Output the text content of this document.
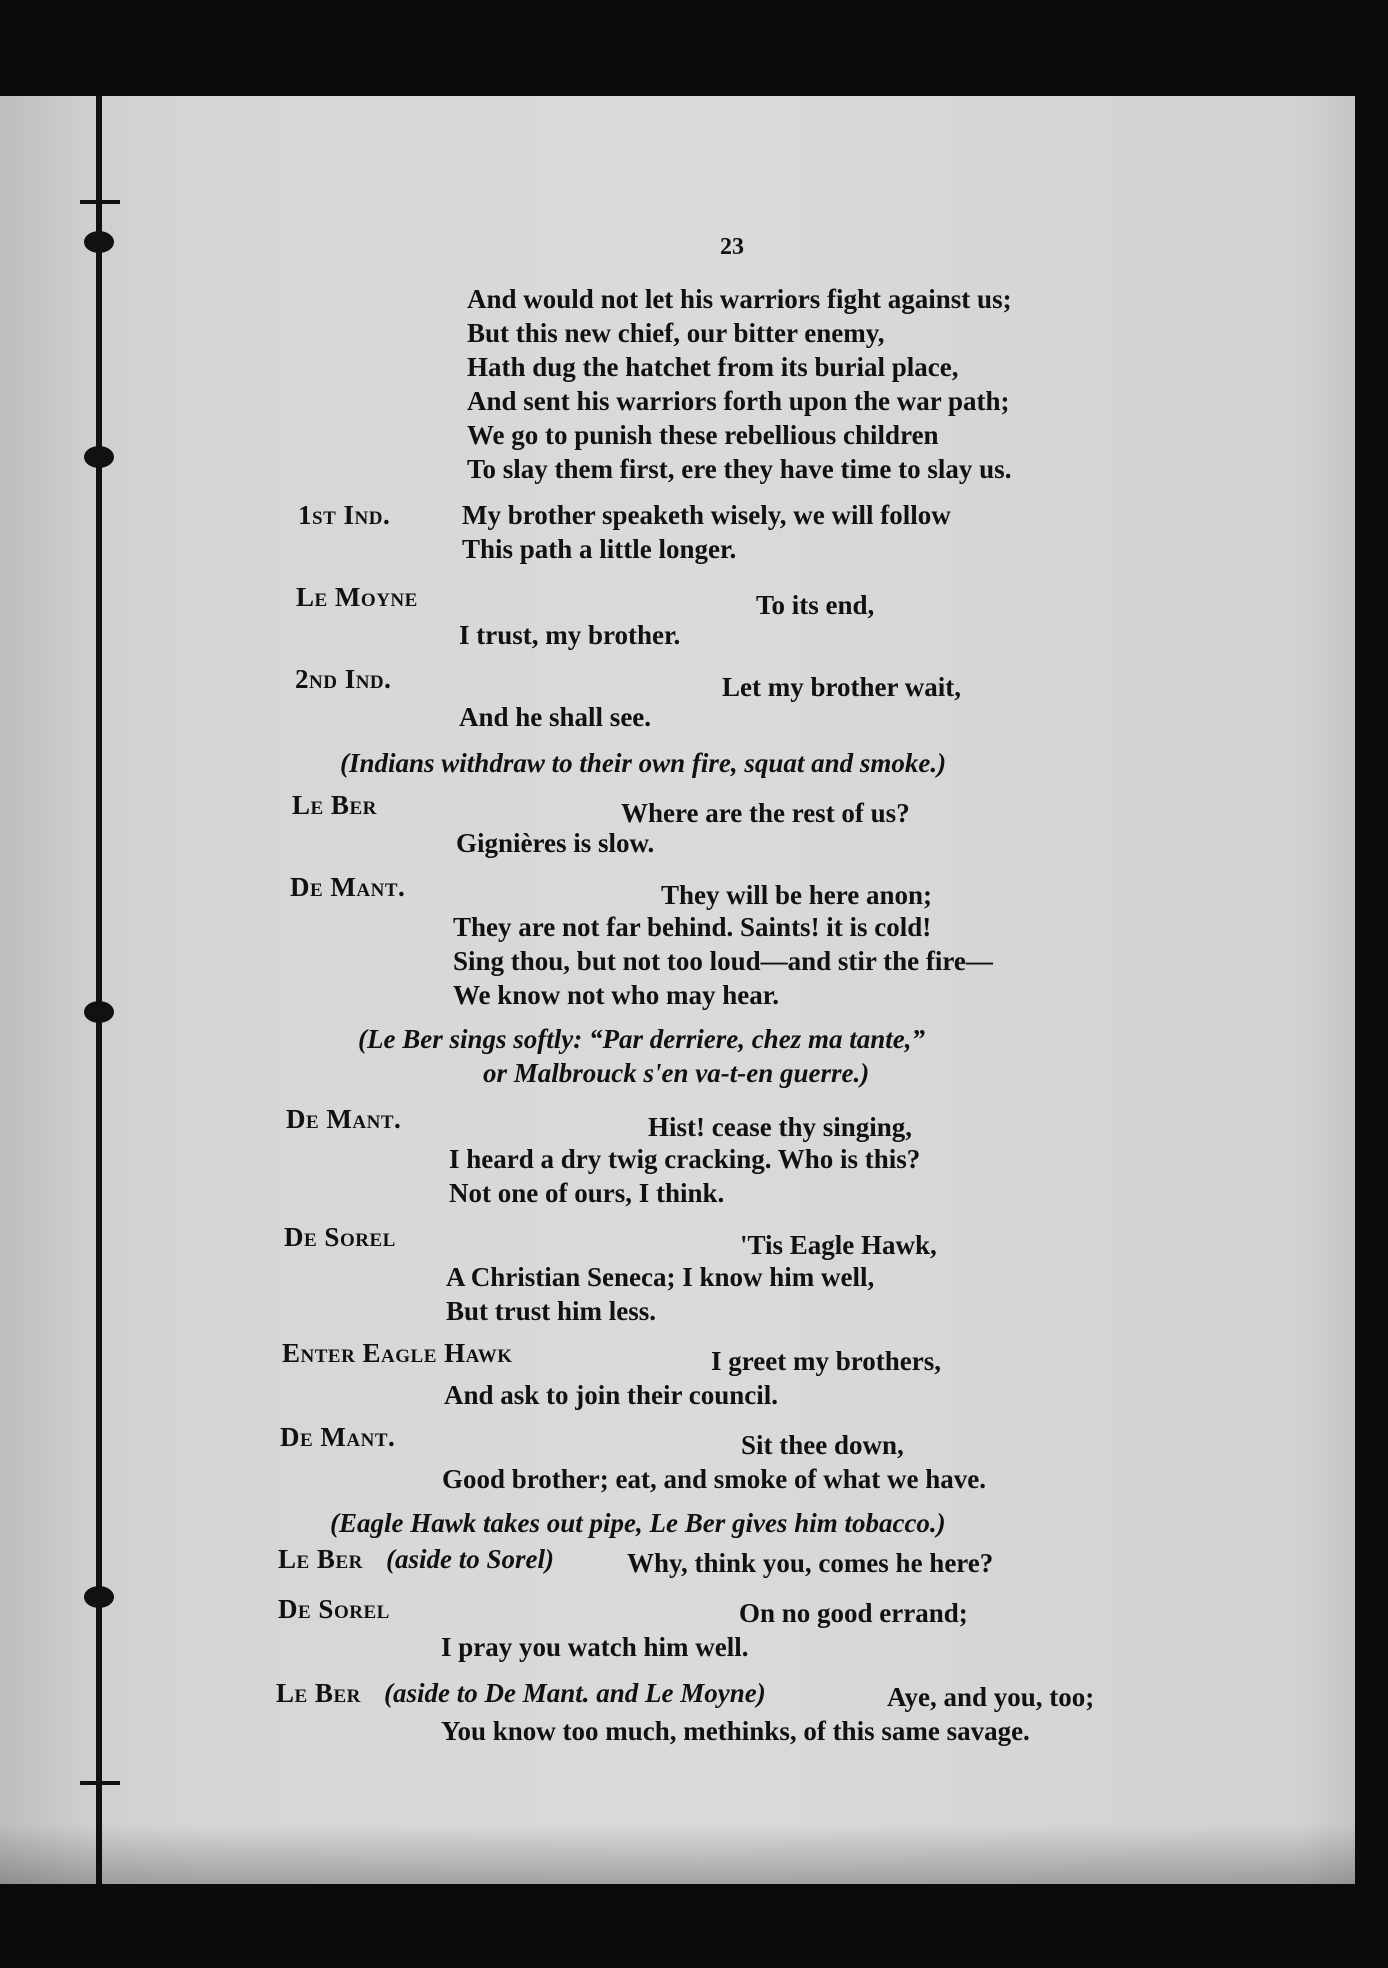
23
And would not let his warriors fight against us;
But this new chief, our bitter enemy,
Hath dug the hatchet from its burial place,
And sent his warriors forth upon the war path;
We go to punish these rebellious children
To slay them first, ere they have time to slay us.
1st Ind.	My brother speaketh wisely, we will follow
This path a little longer.
Le Moyne	To its end,
I trust, my brother.
2nd Ind.	Let my brother wait,
And he shall see.
(Indians withdraw to their own fire, squat and smoke.)
Le Ber	Where are the rest of us?
Gignières is slow.
De Mant.	They will be here anon;
They are not far behind. Saints! it is cold!
Sing thou, but not too loud—and stir the fire—
We know not who may hear.
(Le Ber sings softly: “Par derriere, chez ma tante,”
or Malbrouck s'en va-t-en guerre.)
De Mant.	Hist! cease thy singing,
I heard a dry twig cracking. Who is this?
Not one of ours, I think.
De Sorel	'Tis Eagle Hawk,
A Christian Seneca; I know him well,
But trust him less.
Enter Eagle Hawk	I greet my brothers,
And ask to join their council.
De Mant.	Sit thee down,
Good brother; eat, and smoke of what we have.
(Eagle Hawk takes out pipe, Le Ber gives him tobacco.)
Le Ber (aside to Sorel)	Why, think you, comes he here?
De Sorel	On no good errand;
I pray you watch him well.
Le Ber (aside to De Mant. and Le Moyne)	Aye, and you, too;
You know too much, methinks, of this same savage.
